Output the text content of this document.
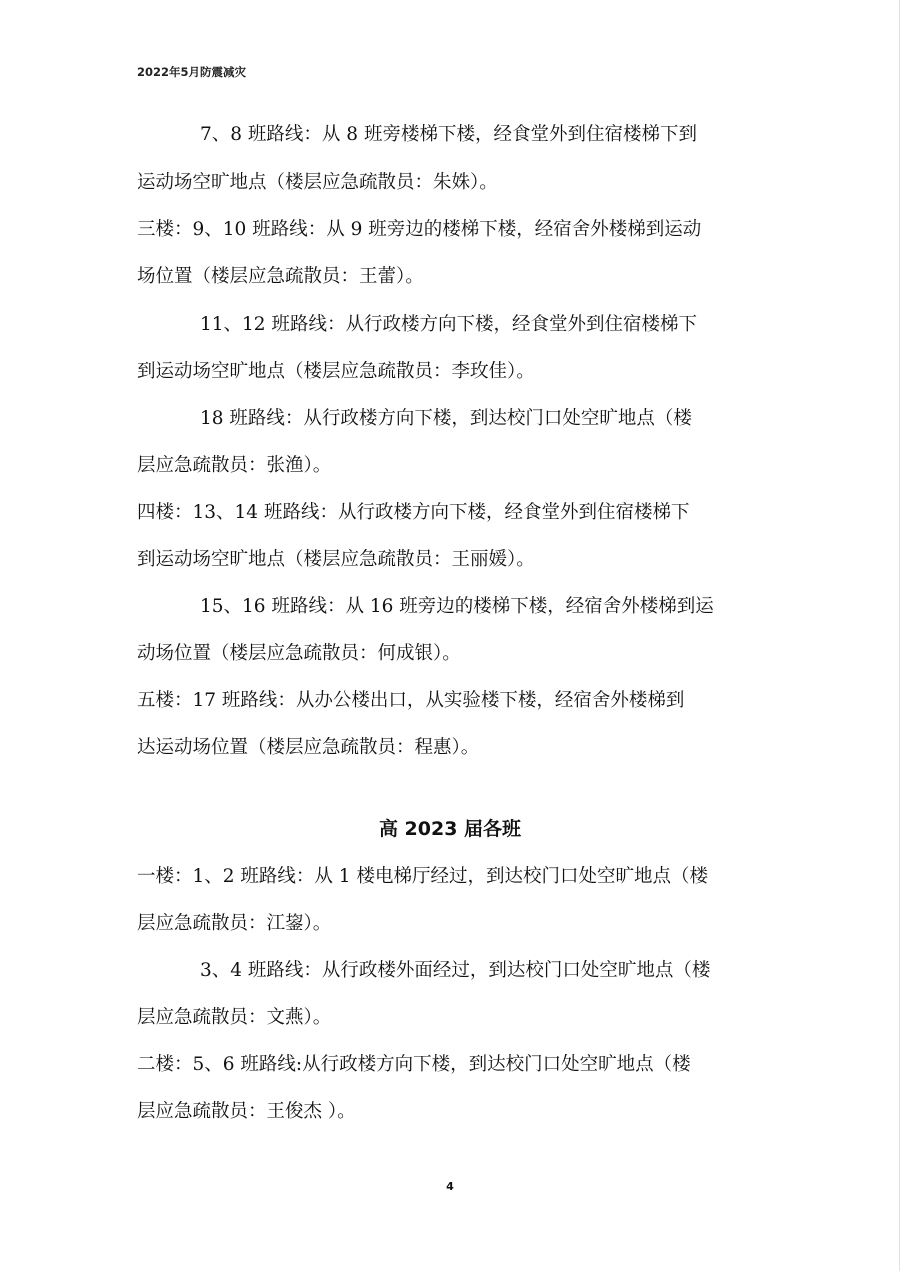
2022年5月防震减灾
7、8 班路线：从 8 班旁楼梯下楼，经食堂外到住宿楼梯下到
运动场空旷地点（楼层应急疏散员：朱姝）。
三楼：9、10 班路线：从 9 班旁边的楼梯下楼，经宿舍外楼梯到运动
场位置（楼层应急疏散员：王蕾）。
11、12 班路线：从行政楼方向下楼，经食堂外到住宿楼梯下
到运动场空旷地点（楼层应急疏散员：李玫佳）。
18 班路线：从行政楼方向下楼，到达校门口处空旷地点（楼
层应急疏散员：张渔）。
四楼：13、14 班路线：从行政楼方向下楼，经食堂外到住宿楼梯下
到运动场空旷地点（楼层应急疏散员：王丽媛）。
15、16 班路线：从 16 班旁边的楼梯下楼，经宿舍外楼梯到运
动场位置（楼层应急疏散员：何成银）。
五楼：17 班路线：从办公楼出口，从实验楼下楼，经宿舍外楼梯到
达运动场位置（楼层应急疏散员：程惠）。
高 2023 届各班
一楼：1、2 班路线：从 1 楼电梯厅经过，到达校门口处空旷地点（楼
层应急疏散员：江鋆）。
3、4 班路线：从行政楼外面经过，到达校门口处空旷地点（楼
层应急疏散员：文燕）。
二楼：5、6 班路线:从行政楼方向下楼，到达校门口处空旷地点（楼
层应急疏散员：王俊杰 ）。
4
